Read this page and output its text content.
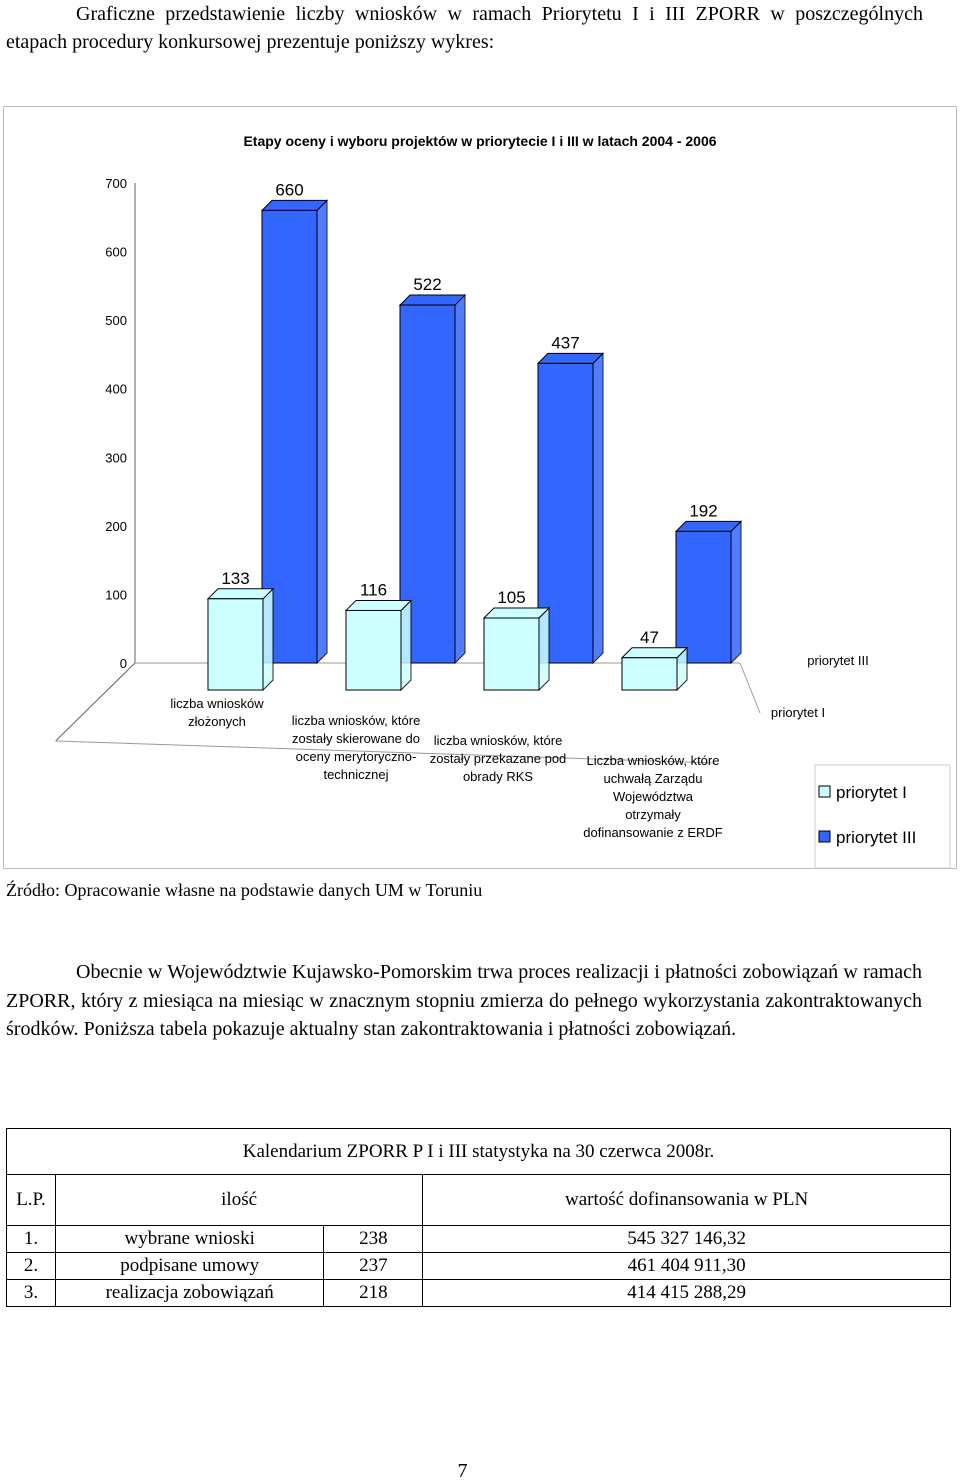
Graficzne przedstawienie liczby wniosków w ramach Priorytetu I i III ZPORR w poszczególnych etapach procedury konkursowej prezentuje poniższy wykres:
Etapy oceny i wyboru projektów w priorytecie I i III w latach 2004 - 2006
0
100
200
300
400
500
600
700	660
522
437
192
133
116	105
47
liczba wniosków
złożonych	liczba wniosków, które
zostały skierowane do
oceny merytoryczno-
technicznej
liczba wniosków, które
zostały przekazane pod
obrady RKS
Liczba wniosków, które
uchwałą Zarządu
Województwa
otrzymały
dofinansowanie z ERDF
priorytet III
priorytet I
priorytet I
priorytet III
Źródło: Opracowanie własne na podstawie danych UM w Toruniu
Obecnie w Województwie Kujawsko-Pomorskim trwa proces realizacji i płatności zobowiązań w ramach ZPORR, który z miesiąca na miesiąc w znacznym stopniu zmierza do pełnego wykorzystania zakontraktowanych środków. Poniższa tabela pokazuje aktualny stan zakontraktowania i płatności zobowiązań.
Kalendarium ZPORR P I i III statystyka na 30 czerwca 2008r.			
L.P.	ilość		wartość dofinansowania w PLN
1.	wybrane wnioski	238	545 327 146,32
2.	podpisane umowy	237	461 404 911,30
3.	realizacja zobowiązań	218	414 415 288,29
7
